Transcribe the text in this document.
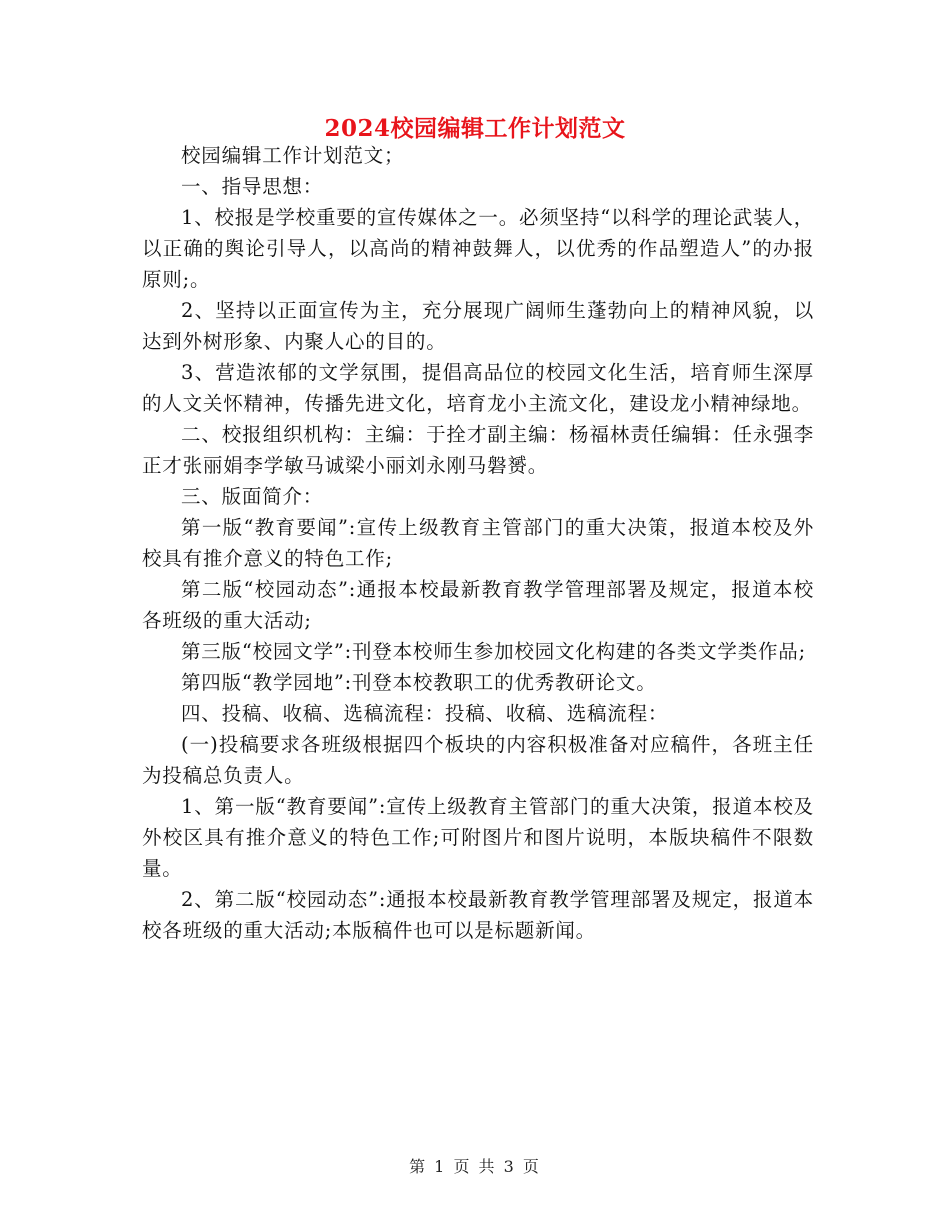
2024校园编辑工作计划范文

校园编辑工作计划范文；

一、指导思想：

1、校报是学校重要的宣传媒体之一。必须坚持“以科学的理论武装人，以正确的舆论引导人，以高尚的精神鼓舞人，以优秀的作品塑造人”的办报原则;。

2、坚持以正面宣传为主，充分展现广阔师生蓬勃向上的精神风貌，以达到外树形象、内聚人心的目的。

3、营造浓郁的文学氛围，提倡高品位的校园文化生活，培育师生深厚的人文关怀精神，传播先进文化，培育龙小主流文化，建设龙小精神绿地。

二、校报组织机构：主编：于拴才副主编：杨福林责任编辑：任永强李正才张丽娟李学敏马诚梁小丽刘永刚马磐赟。

三、版面简介：

第一版“教育要闻”:宣传上级教育主管部门的重大决策，报道本校及外校具有推介意义的特色工作;

第二版“校园动态”:通报本校最新教育教学管理部署及规定，报道本校各班级的重大活动;

第三版“校园文学”:刊登本校师生参加校园文化构建的各类文学类作品;

第四版“教学园地”:刊登本校教职工的优秀教研论文。

四、投稿、收稿、选稿流程：投稿、收稿、选稿流程：

(一)投稿要求各班级根据四个板块的内容积极准备对应稿件，各班主任为投稿总负责人。

1、第一版“教育要闻”:宣传上级教育主管部门的重大决策，报道本校及外校区具有推介意义的特色工作;可附图片和图片说明，本版块稿件不限数量。

2、第二版“校园动态”:通报本校最新教育教学管理部署及规定，报道本校各班级的重大活动;本版稿件也可以是标题新闻。

第 1 页 共 3 页
